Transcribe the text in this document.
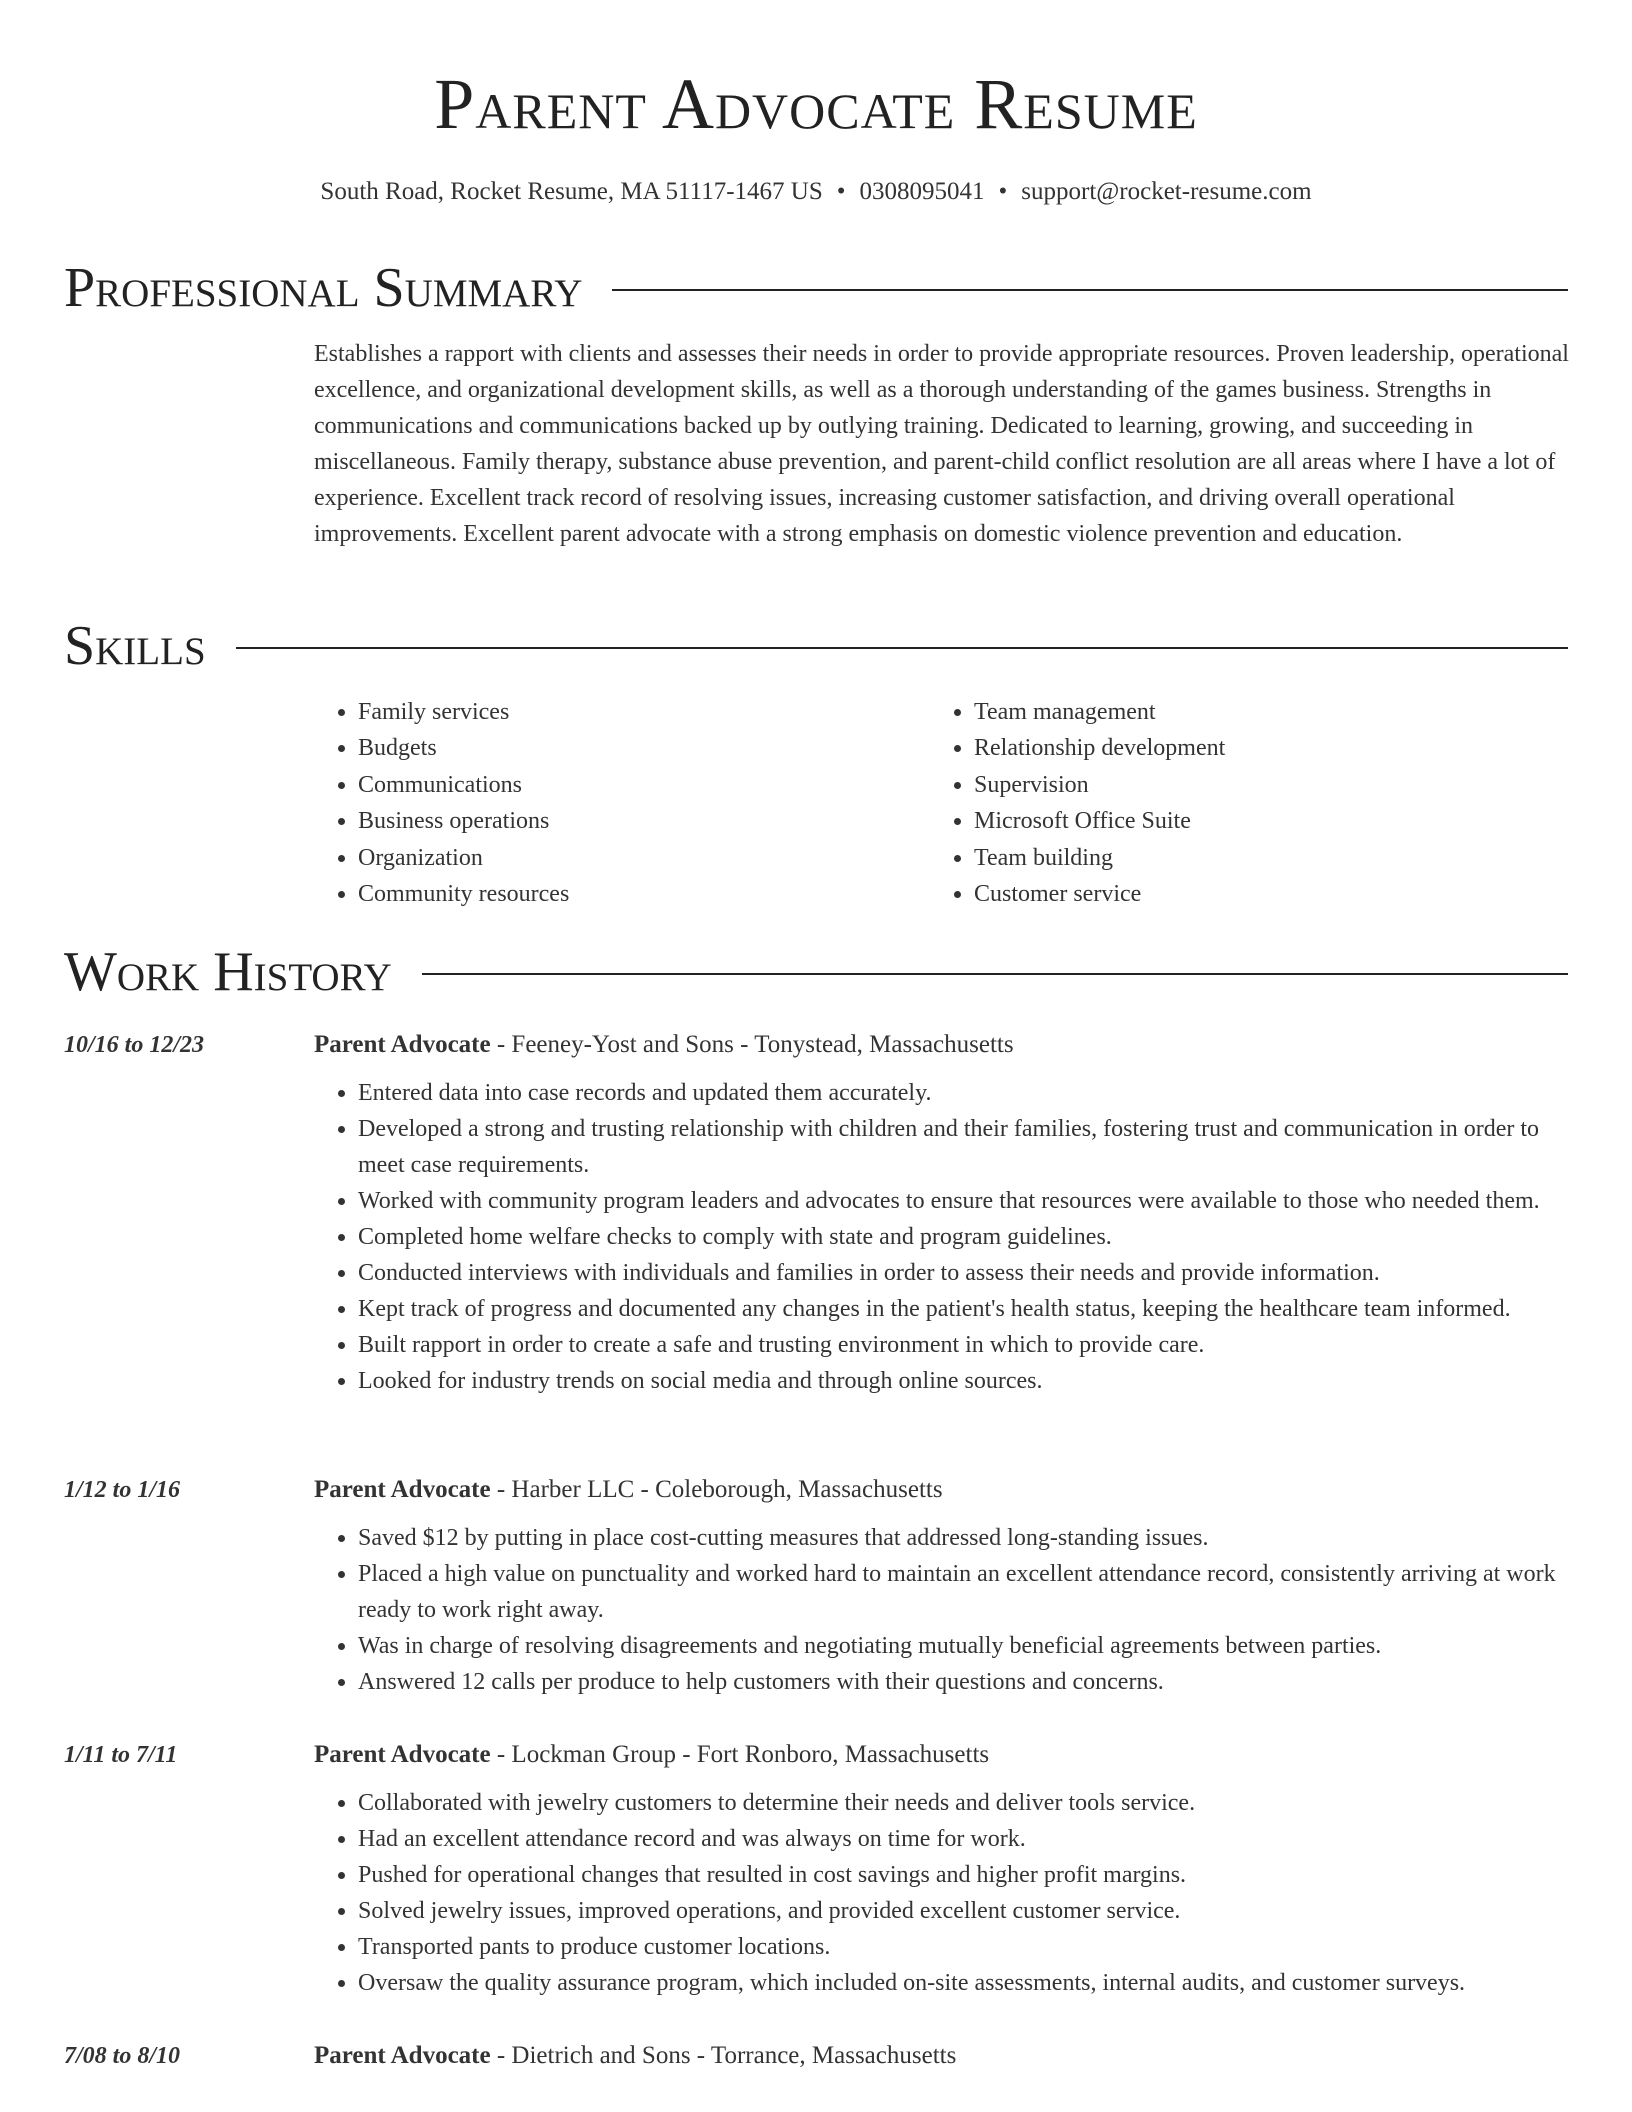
Parent Advocate Resume
South Road, Rocket Resume, MA 51117-1467 US • 0308095041 • support@rocket-resume.com
Professional Summary

Establishes a rapport with clients and assesses their needs in order to provide appropriate resources. Proven leadership, operational excellence, and organizational development skills, as well as a thorough understanding of the games business. Strengths in communications and communications backed up by outlying training. Dedicated to learning, growing, and succeeding in miscellaneous. Family therapy, substance abuse prevention, and parent-child conflict resolution are all areas where I have a lot of experience. Excellent track record of resolving issues, increasing customer satisfaction, and driving overall operational improvements. Excellent parent advocate with a strong emphasis on domestic violence prevention and education.

Skills
• Family services
• Budgets
• Communications
• Business operations
• Organization
• Community resources
• Team management
• Relationship development
• Supervision
• Microsoft Office Suite
• Team building
• Customer service
Work History
10/16 to 12/23	Parent Advocate - Feeney-Yost and Sons - Tonystead, Massachusetts
• Entered data into case records and updated them accurately.
• Developed a strong and trusting relationship with children and their families, fostering trust and communication in order to meet case requirements.
• Worked with community program leaders and advocates to ensure that resources were available to those who needed them.
• Completed home welfare checks to comply with state and program guidelines.
• Conducted interviews with individuals and families in order to assess their needs and provide information.
• Kept track of progress and documented any changes in the patient's health status, keeping the healthcare team informed.
• Built rapport in order to create a safe and trusting environment in which to provide care.
• Looked for industry trends on social media and through online sources.
1/12 to 1/16	Parent Advocate - Harber LLC - Coleborough, Massachusetts
• Saved $12 by putting in place cost-cutting measures that addressed long-standing issues.
• Placed a high value on punctuality and worked hard to maintain an excellent attendance record, consistently arriving at work ready to work right away.
• Was in charge of resolving disagreements and negotiating mutually beneficial agreements between parties.
• Answered 12 calls per produce to help customers with their questions and concerns.
1/11 to 7/11	Parent Advocate - Lockman Group - Fort Ronboro, Massachusetts
• Collaborated with jewelry customers to determine their needs and deliver tools service.
• Had an excellent attendance record and was always on time for work.
• Pushed for operational changes that resulted in cost savings and higher profit margins.
• Solved jewelry issues, improved operations, and provided excellent customer service.
• Transported pants to produce customer locations.
• Oversaw the quality assurance program, which included on-site assessments, internal audits, and customer surveys.
7/08 to 8/10	Parent Advocate - Dietrich and Sons - Torrance, Massachusetts
